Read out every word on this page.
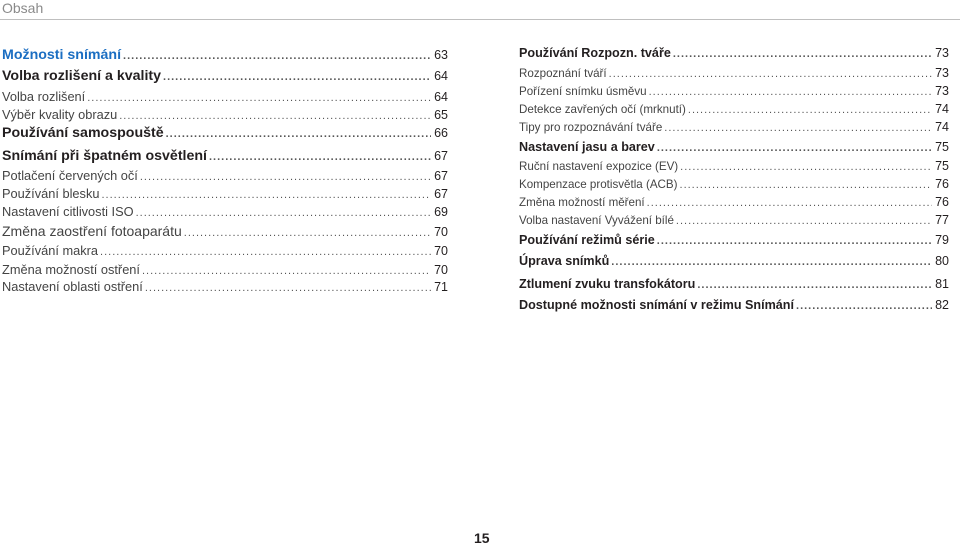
Obsah
Možnosti snímání .....	63
Volba rozlišení a kvality .....	64
Volba rozlišení .....	64
Výběr kvality obrazu .....	65
Používání samospouště .....	66
Snímání při špatném osvětlení .....	67
Potlačení červených očí .....	67
Používání blesku .....	67
Nastavení citlivosti ISO .....	69
Změna zaostření fotoaparátu .....	70
Používání makra .....	70
Změna možností ostření .....	70
Nastavení oblasti ostření .....	71
Používání Rozpozn. tváře .....	73
Rozpoznání tváří .....	73
Pořízení snímku úsměvu .....	73
Detekce zavřených očí (mrknutí) .....	74
Tipy pro rozpoznávání tváře .....	74
Nastavení jasu a barev .....	75
Ruční nastavení expozice (EV) .....	75
Kompenzace protisvětla (ACB) .....	76
Změna možností měření .....	76
Volba nastavení Vyvážení bílé .....	77
Používání režimů série .....	79
Úprava snímků .....	80
Ztlumení zvuku transfokátoru .....	81
Dostupné možnosti snímání v režimu Snímání .....	82
15
